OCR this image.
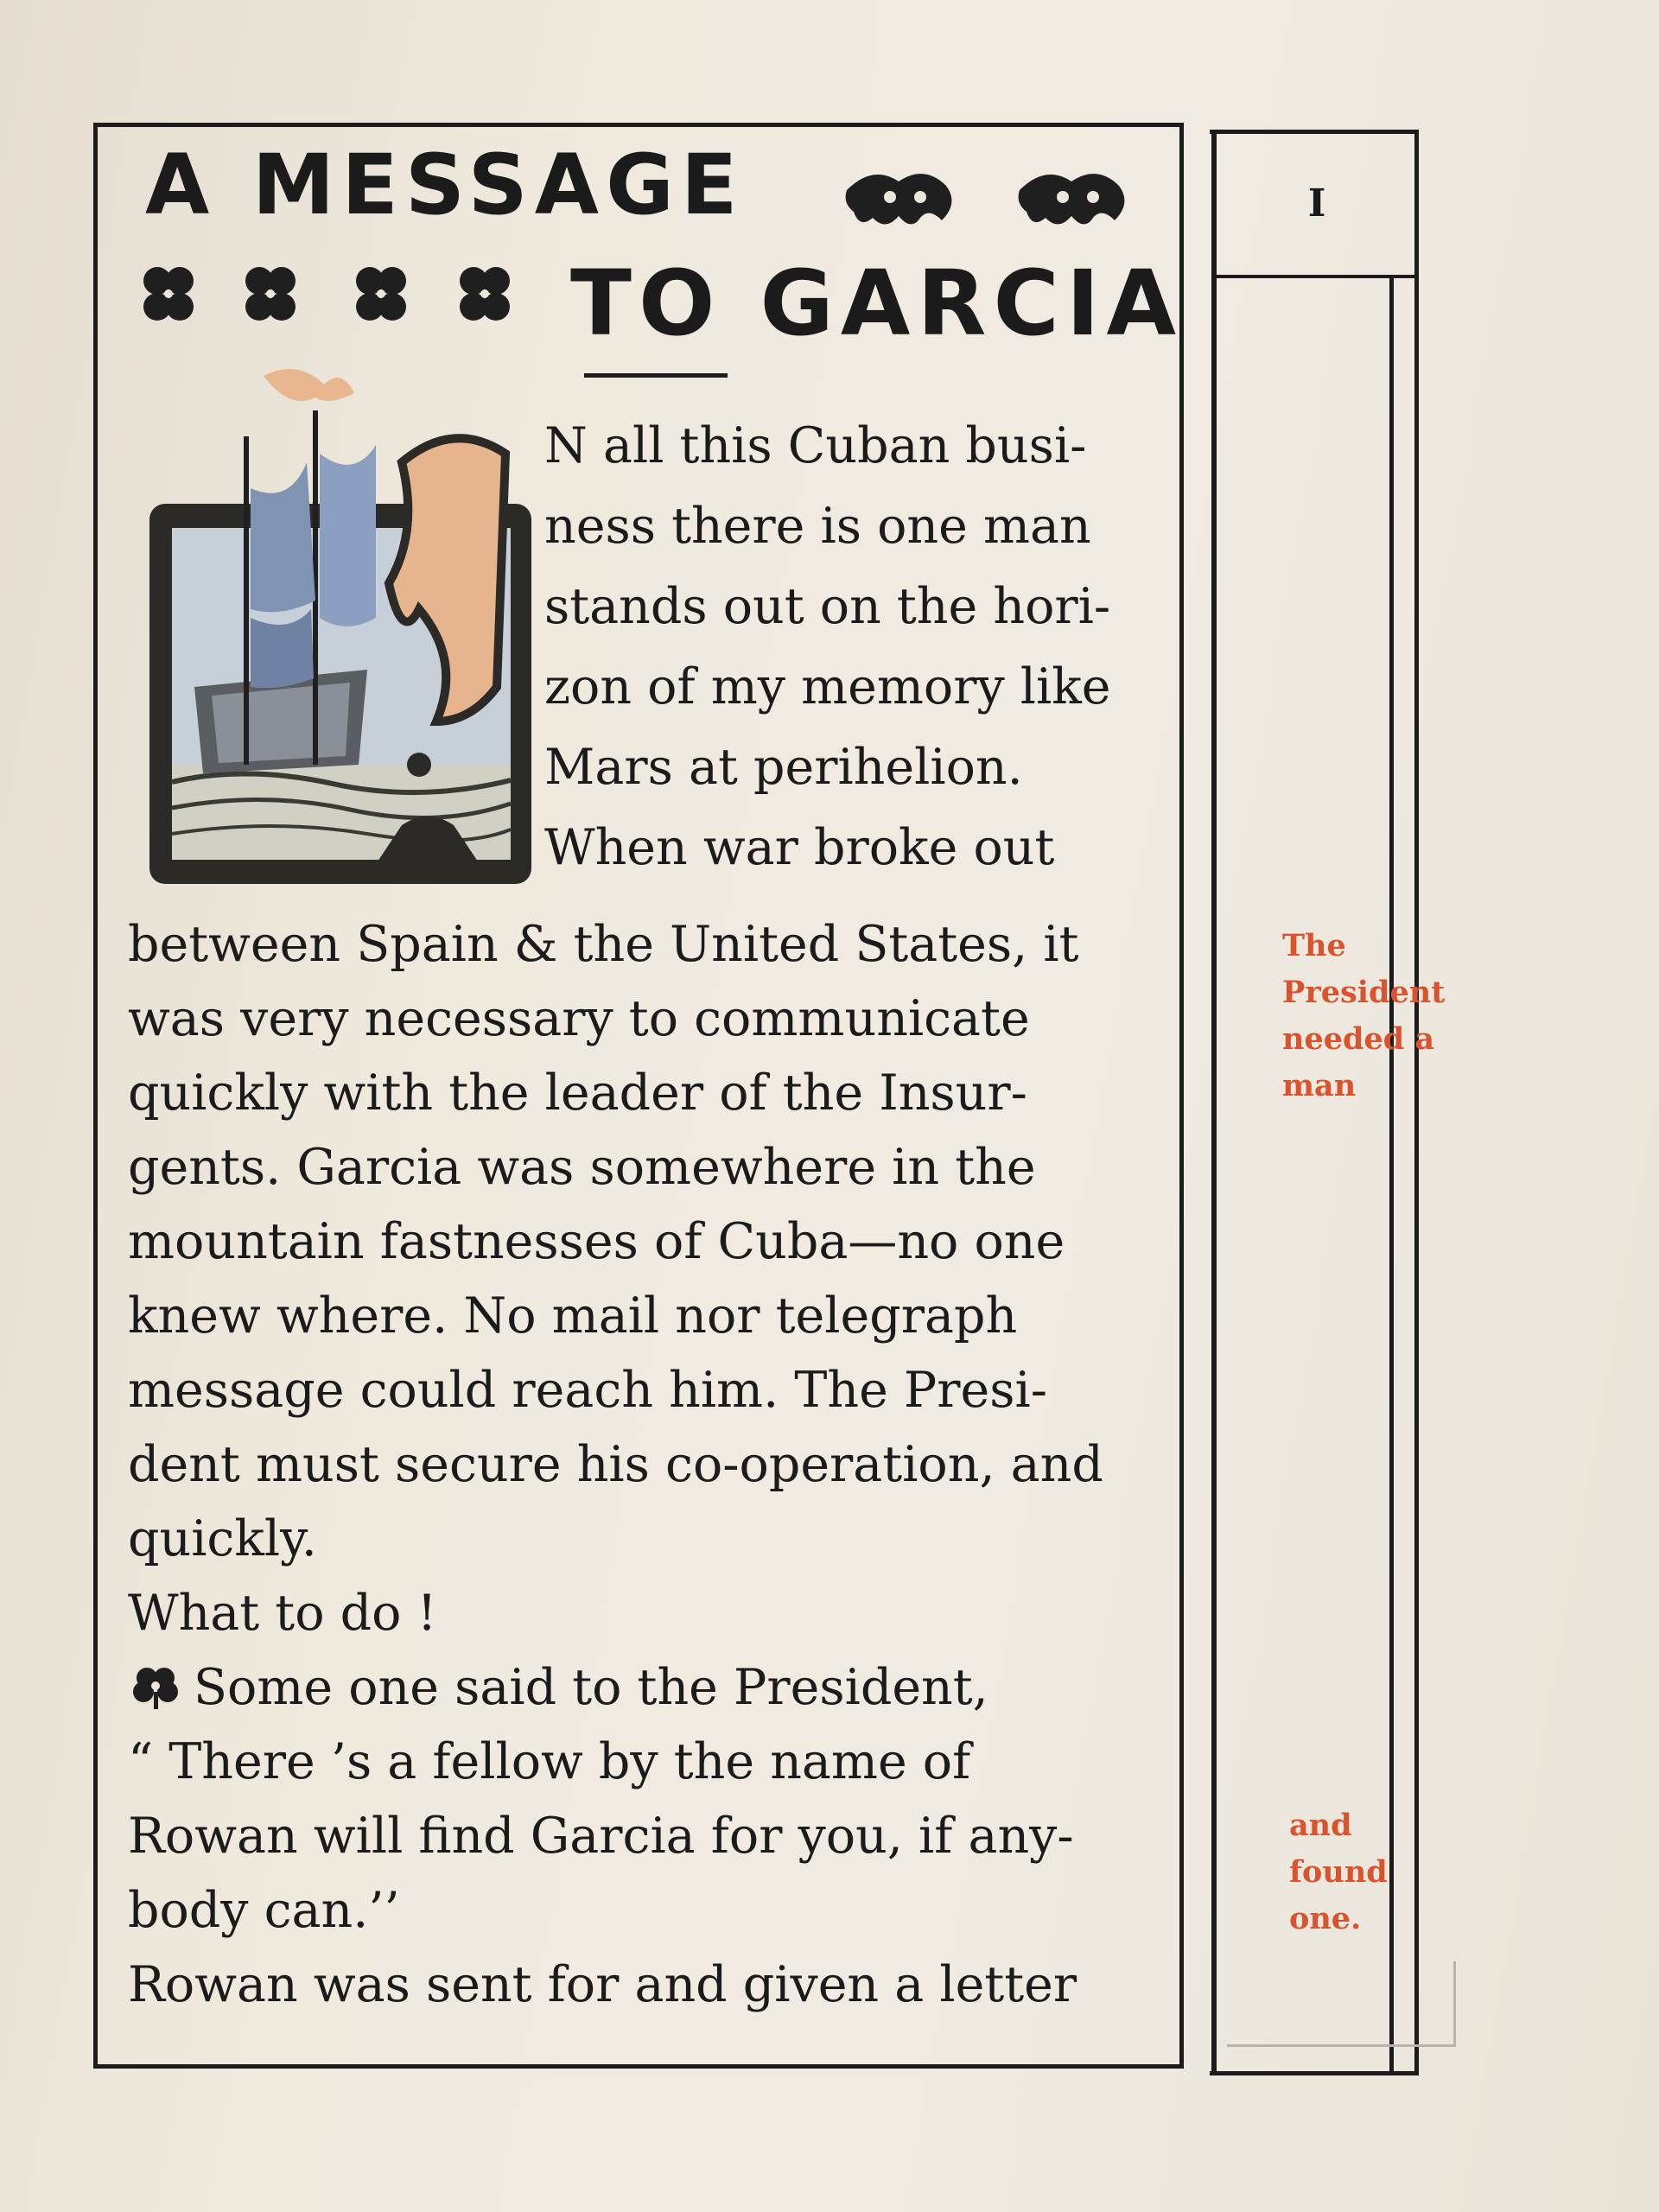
I
A MESSAGE
TO GARCIA
N all this Cuban busi-
ness there is one man
stands out on the hori-
zon of my memory like
Mars at perihelion.
When war broke out
between Spain & the United States, it
was very necessary to communicate
quickly with the leader of the Insur-
gents. Garcia was somewhere in the
mountain fastnesses of Cuba—no one
knew where. No mail nor telegraph
message could reach him. The Presi-
dent must secure his co-operation, and
quickly.
What to do !
Some one said to the President,
“ There ’s a fellow by the name of
Rowan will find Garcia for you, if any-
body can.’’
Rowan was sent for and given a letter
The
President
needed a
man
and
found
one.
